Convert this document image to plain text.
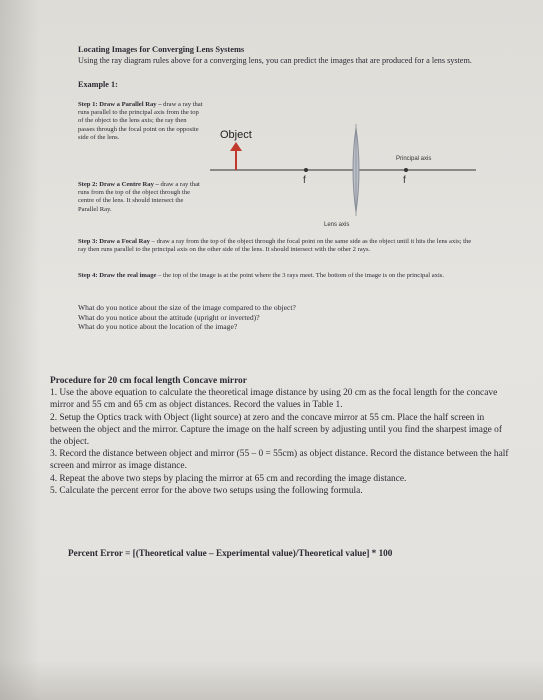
Locating Images for Converging Lens Systems
Using the ray diagram rules above for a converging lens, you can predict the images that are produced for a lens system.
Example 1:
Step 1: Draw a Parallel Ray – draw a ray that runs parallel to the principal axis from the top of the object to the lens axis; the ray then passes through the focal point on the opposite side of the lens.
Step 2: Draw a Centre Ray – draw a ray that runs from the top of the object through the centre of the lens. It should intersect the Parallel Ray.
Step 3: Draw a Focal Ray – draw a ray from the top of the object through the focal point on the same side as the object until it hits the lens axis; the ray then runs parallel to the principal axis on the other side of the lens. It should intersect with the other 2 rays.
Step 4: Draw the real image – the top of the image is at the point where the 3 rays meet. The bottom of the image is on the principal axis.
f	f
Object
Principal axis
Lens axis

What do you notice about the size of the image compared to the object?

What do you notice about the attitude (upright or inverted)?

What do you notice about the location of the image?

Procedure for 20 cm focal length Concave mirror

1. Use the above equation to calculate the theoretical image distance by using 20 cm as the focal length for the concave mirror and 55 cm and 65 cm as object distances. Record the values in Table 1.

2. Setup the Optics track with Object (light source) at zero and the concave mirror at 55 cm. Place the half screen in between the object and the mirror. Capture the image on the half screen by adjusting until you find the sharpest image of the object.

3. Record the distance between object and mirror (55 – 0 = 55cm) as object distance. Record the distance between the half screen and mirror as image distance.

4. Repeat the above two steps by placing the mirror at 65 cm and recording the image distance.

5. Calculate the percent error for the above two setups using the following formula.

Percent Error = [(Theoretical value – Experimental value)/Theoretical value] * 100
